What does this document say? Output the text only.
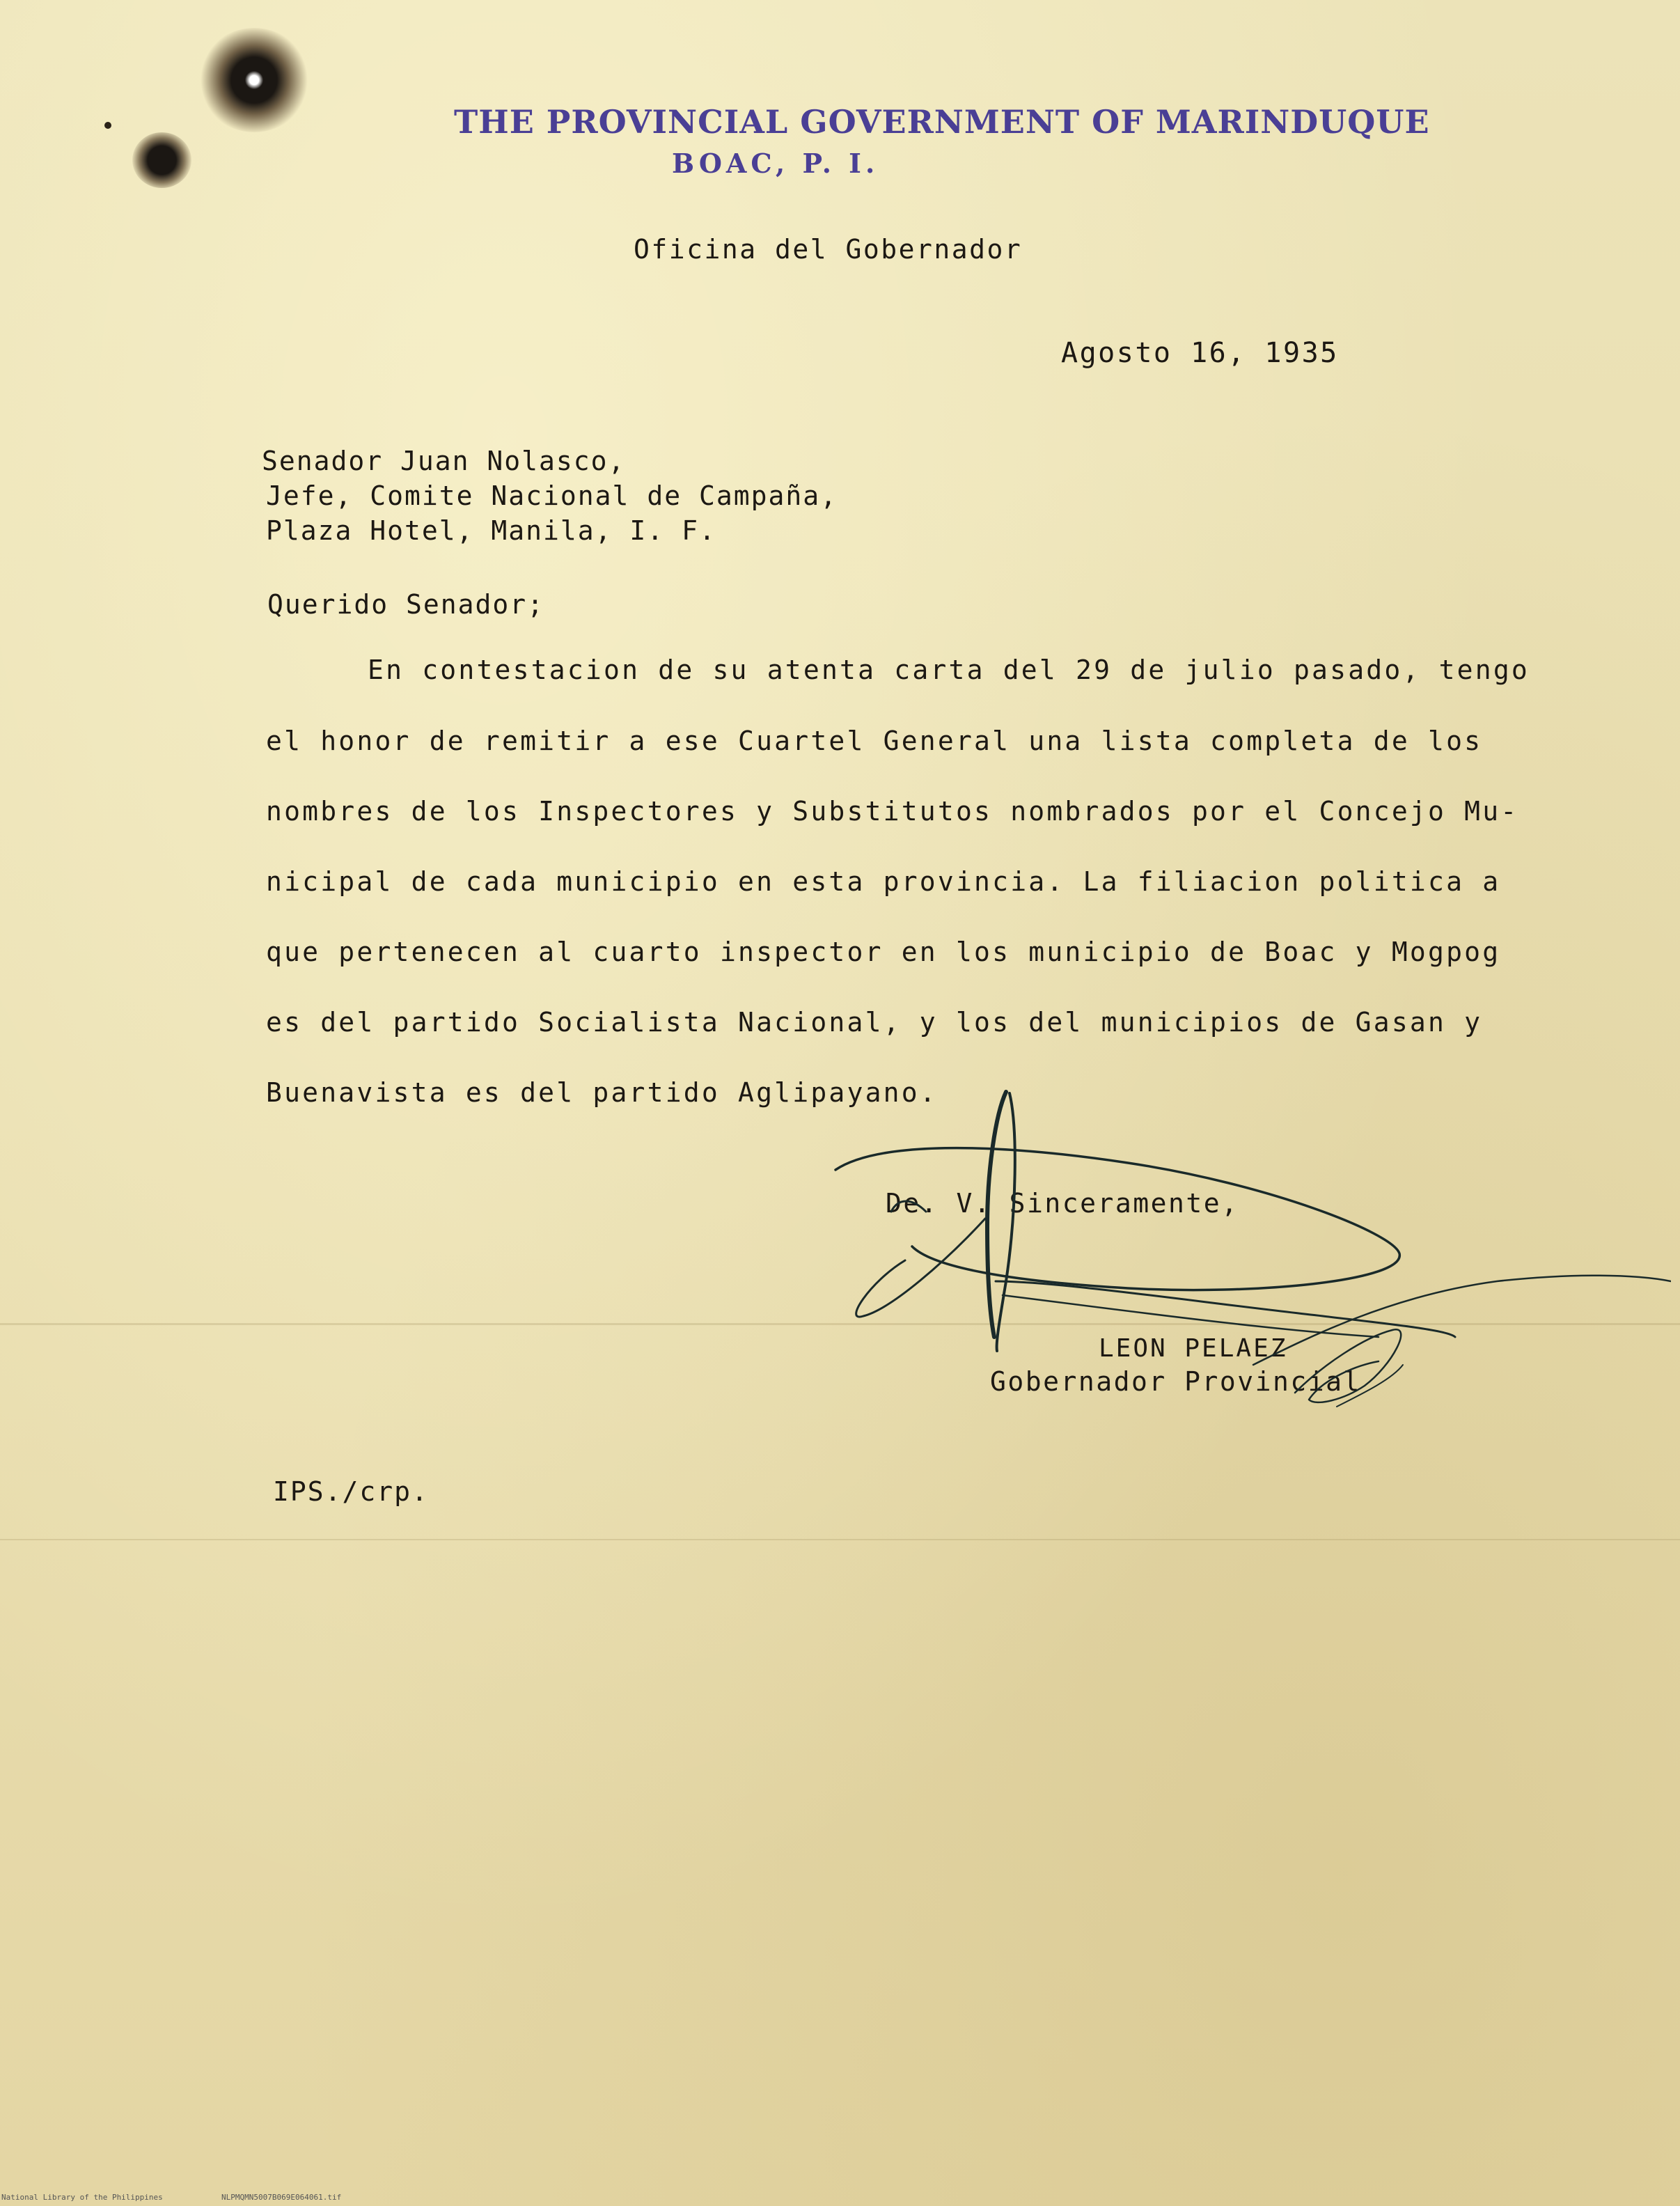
THE PROVINCIAL GOVERNMENT OF MARINDUQUE
BOAC, P. I.
Oficina del Gobernador
Agosto 16, 1935
Senador Juan Nolasco,
Jefe, Comite Nacional de Campaña,
Plaza Hotel, Manila, I. F.
Querido Senador;
En contestacion de su atenta carta del 29 de julio pasado, tengo
el honor de remitir a ese Cuartel General una lista completa de los
nombres de los Inspectores y Substitutos nombrados por el Concejo Mu-
nicipal de cada municipio en esta provincia. La filiacion politica a
que pertenecen al cuarto inspector en los municipio de Boac y Mogpog
es del partido Socialista Nacional, y los del municipios de Gasan y
Buenavista es del partido Aglipayano.
De. V. Sinceramente,
LEON PELAEZ
Gobernador Provincial
IPS./crp.
National Library of the Philippines	NLPMQMN5007B069E064061.tif
